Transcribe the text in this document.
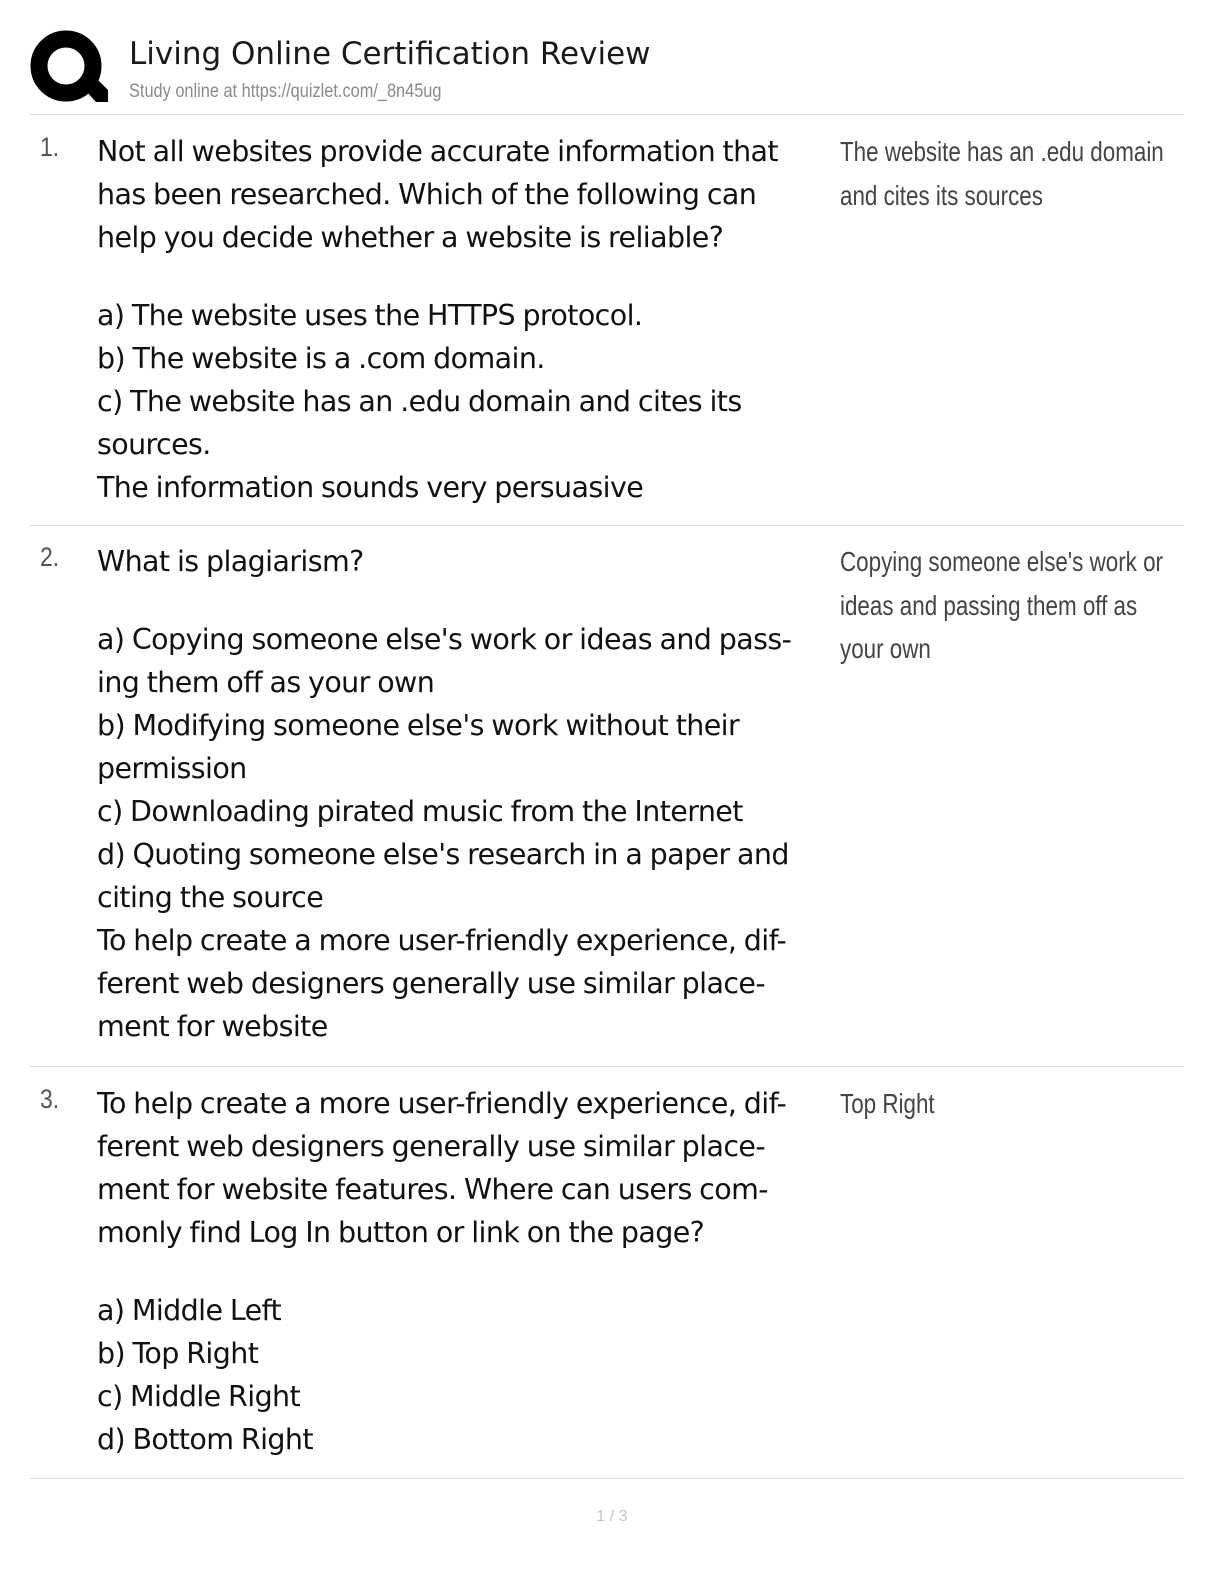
Living Online Certification Review
Study online at https://quizlet.com/_8n45ug
1. Not all websites provide accurate information that
has been researched. Which of the following can
help you decide whether a website is reliable?
a) The website uses the HTTPS protocol.
b) The website is a .com domain.
c) The website has an .edu domain and cites its
sources.
The information sounds very persuasive
The website has an .edu domain
and cites its sources
2. What is plagiarism?
a) Copying someone else's work or ideas and pass-
ing them off as your own
b) Modifying someone else's work without their
permission
c) Downloading pirated music from the Internet
d) Quoting someone else's research in a paper and
citing the source
To help create a more user-friendly experience, dif-
ferent web designers generally use similar place-
ment for website
Copying someone else's work or
ideas and passing them off as
your own
3. To help create a more user-friendly experience, dif-
ferent web designers generally use similar place-
ment for website features. Where can users com-
monly find Log In button or link on the page?
a) Middle Left
b) Top Right
c) Middle Right
d) Bottom Right
Top Right
1 / 3
